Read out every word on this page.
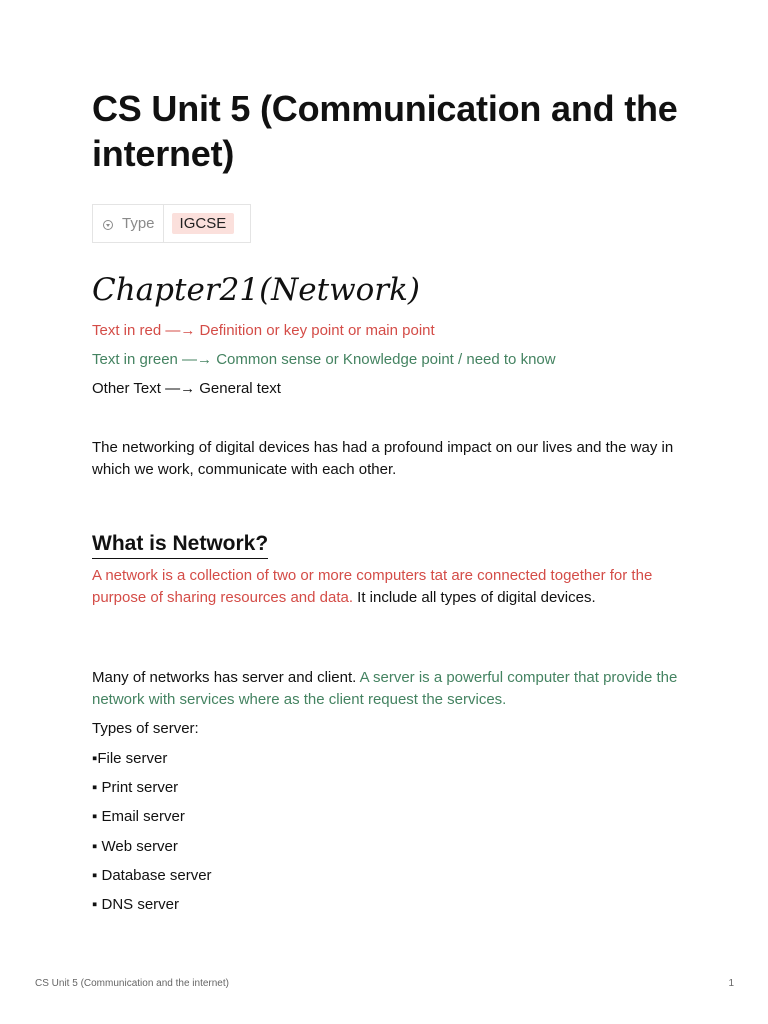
CS Unit 5 (Communication and the internet)
Type	IGCSE
Chapter21(Network)

Text in red —→ Definition or key point or main point

Text in green —→ Common sense or Knowledge point / need to know

Other Text —→ General text

The networking of digital devices has had a profound impact on our lives and the way in which we work, communicate with each other.

What is Network?

A network is a collection of two or more computers tat are connected together for the purpose of sharing resources and data. It include all types of digital devices.

Many of networks has server and client. A server is a powerful computer that provide the network with services where as the client request the services.

Types of server:

▪File server
▪ Print server
▪ Email server
▪ Web server
▪ Database server
▪ DNS server
CS Unit 5 (Communication and the internet)	1
